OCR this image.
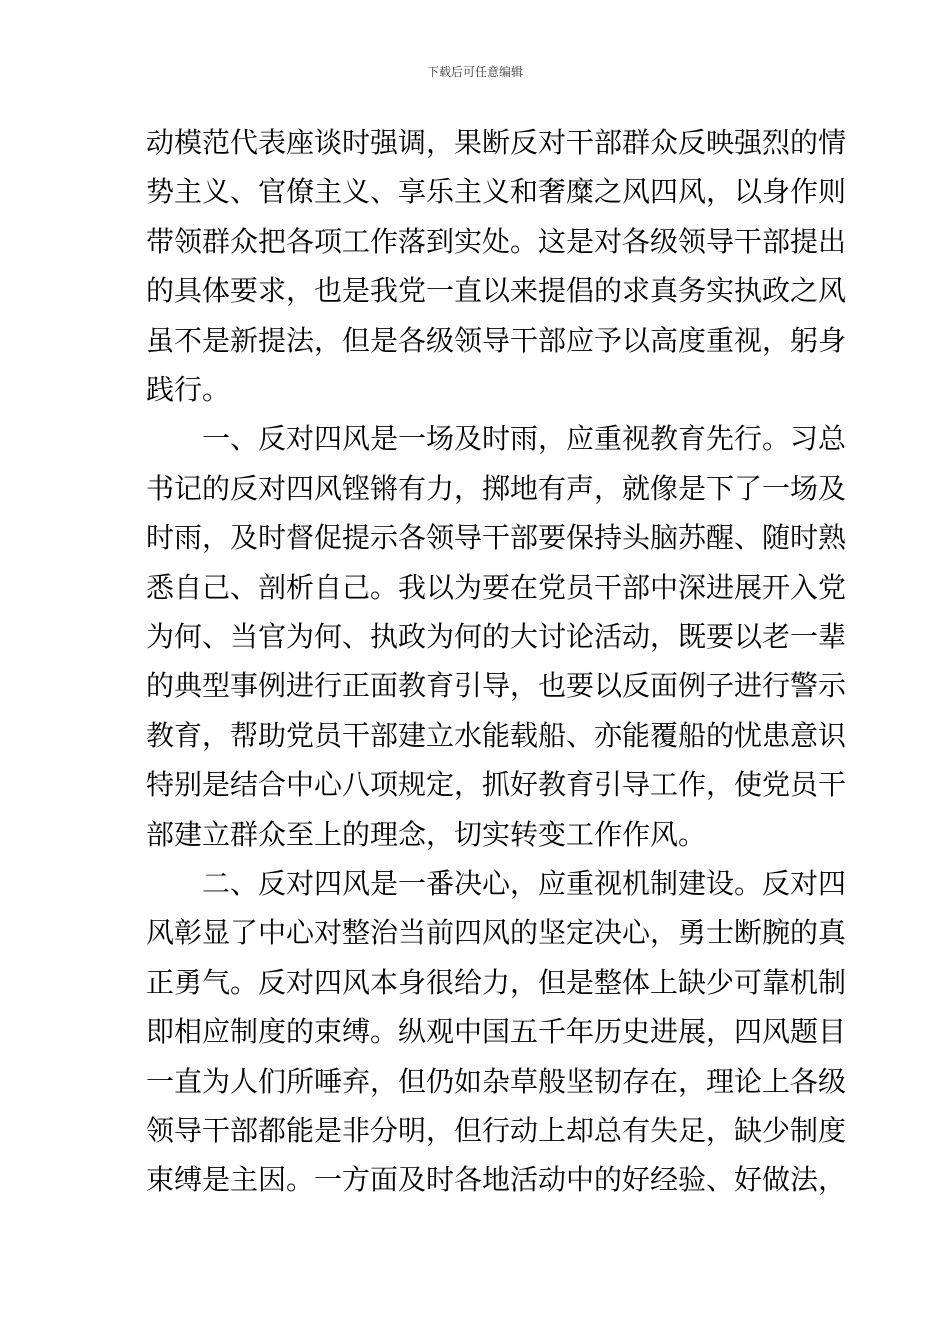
下载后可任意编辑
动模范代表座谈时强调，果断反对干部群众反映强烈的情
势主义、官僚主义、享乐主义和奢糜之风四风，以身作则
带领群众把各项工作落到实处。这是对各级领导干部提出
的具体要求，也是我党一直以来提倡的求真务实执政之风
虽不是新提法，但是各级领导干部应予以高度重视，躬身
践行。
一、反对四风是一场及时雨，应重视教育先行。习总
书记的反对四风铿锵有力，掷地有声，就像是下了一场及
时雨，及时督促提示各领导干部要保持头脑苏醒、随时熟
悉自己、剖析自己。我以为要在党员干部中深进展开入党
为何、当官为何、执政为何的大讨论活动，既要以老一辈
的典型事例进行正面教育引导，也要以反面例子进行警示
教育，帮助党员干部建立水能载船、亦能覆船的忧患意识
特别是结合中心八项规定，抓好教育引导工作，使党员干
部建立群众至上的理念，切实转变工作作风。
二、反对四风是一番决心，应重视机制建设。反对四
风彰显了中心对整治当前四风的坚定决心，勇士断腕的真
正勇气。反对四风本身很给力，但是整体上缺少可靠机制
即相应制度的束缚。纵观中国五千年历史进展，四风题目
一直为人们所唾弃，但仍如杂草般坚韧存在，理论上各级
领导干部都能是非分明，但行动上却总有失足，缺少制度
束缚是主因。一方面及时各地活动中的好经验、好做法，
